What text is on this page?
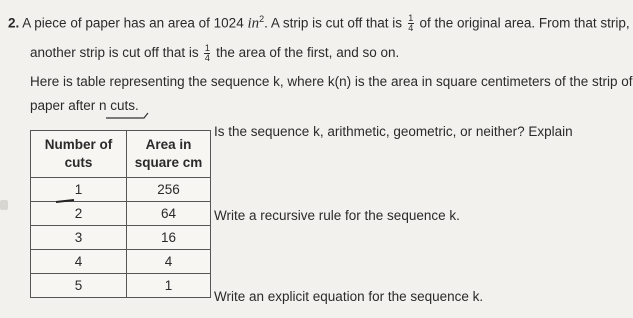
2. A piece of paper has an area of 1024 $in^2$. A strip is cut off that is $\frac{1}{4}$ of the original area. From that strip,
another strip is cut off that is $\frac{1}{4}$ the area of the first, and so on.
Here is table representing the sequence k, where k(n) is the area in square centimeters of the strip of
paper after n cuts.
Number of cuts	Area in square cm
1	256
2	64
3	16
4	4
5	1
Is the sequence k, arithmetic, geometric, or neither? Explain
Write a recursive rule for the sequence k.
Write an explicit equation for the sequence k.
